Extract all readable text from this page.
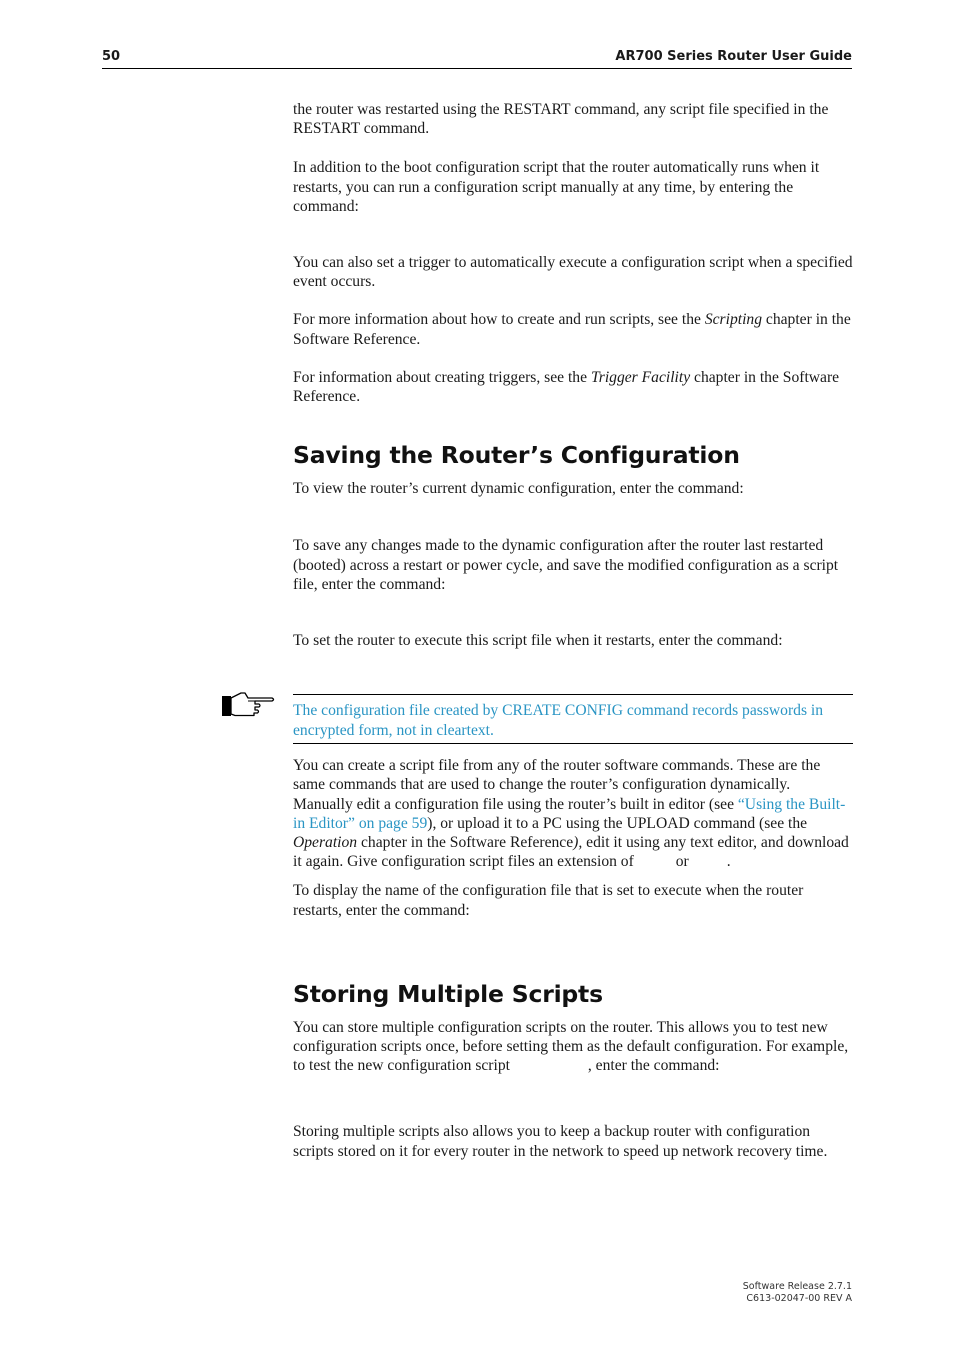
50	AR700 Series Router User Guide

the router was restarted using the RESTART command, any script file specified in the RESTART command.

In addition to the boot configuration script that the router automatically runs when it restarts, you can run a configuration script manually at any time, by entering the command:

You can also set a trigger to automatically execute a configuration script when a specified event occurs.

For more information about how to create and run scripts, see the Scripting chapter in the Software Reference.

For information about creating triggers, see the Trigger Facility chapter in the Software Reference.

Saving the Router’s Configuration

To view the router’s current dynamic configuration, enter the command:

To save any changes made to the dynamic configuration after the router last restarted (booted) across a restart or power cycle, and save the modified configuration as a script file, enter the command:

To set the router to execute this script file when it restarts, enter the command:

The configuration file created by CREATE CONFIG command records passwords in encrypted form, not in cleartext.

You can create a script file from any of the router software commands. These are the same commands that are used to change the router’s configuration dynamically. Manually edit a configuration file using the router’s built in editor (see “Using the Built-in Editor” on page 59), or upload it to a PC using the UPLOAD command (see the Operation chapter in the Software Reference), edit it using any text editor, and download it again. Give configuration script files an extension of or .

To display the name of the configuration file that is set to execute when the router restarts, enter the command:

Storing Multiple Scripts

You can store multiple configuration scripts on the router. This allows you to test new configuration scripts once, before setting them as the default configuration. For example, to test the new configuration script	, enter the command:

Storing multiple scripts also allows you to keep a backup router with configuration scripts stored on it for every router in the network to speed up network recovery time.

Software Release 2.7.1
C613-02047-00 REV A
